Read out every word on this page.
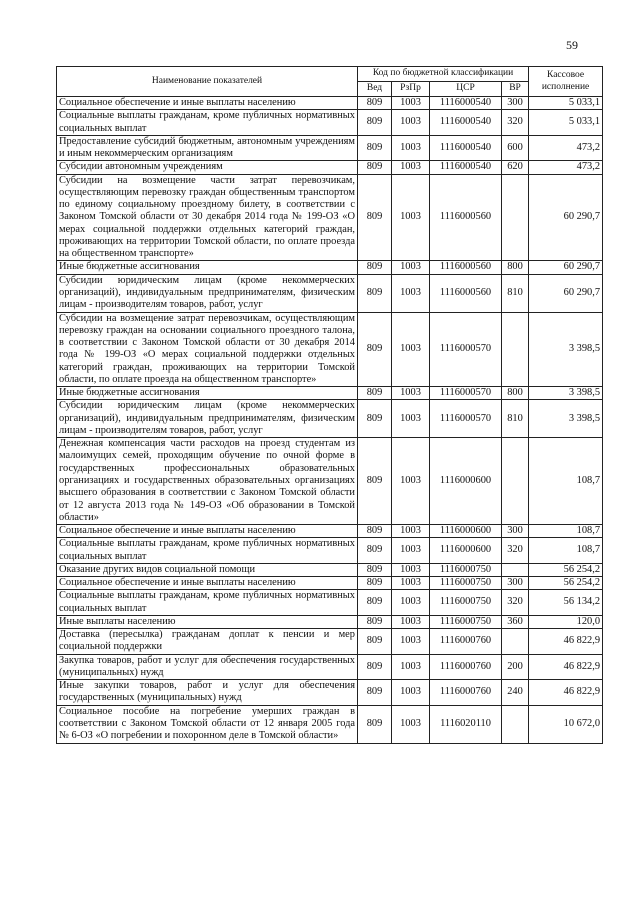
59
Наименование показателей	Код по бюджетной классификации				Кассовое исполнение
	Вед	РзПр	ЦСР	ВР	
Социальное обеспечение и иные выплаты населению	809	1003	1116000540	300	5 033,1
Социальные выплаты гражданам, кроме публичных нормативных социальных выплат	809	1003	1116000540	320	5 033,1
Предоставление субсидий бюджетным, автономным учреждениям и иным некоммерческим организациям	809	1003	1116000540	600	473,2
Субсидии автономным учреждениям	809	1003	1116000540	620	473,2
Субсидии на возмещение части затрат перевозчикам, осуществляющим перевозку граждан общественным транспортом по единому социальному проездному билету, в соответствии с Законом Томской области от 30 декабря 2014 года № 199-ОЗ «О мерах социальной поддержки отдельных категорий граждан, проживающих на территории Томской области, по оплате проезда на общественном транспорте»	809	1003	1116000560		60 290,7
Иные бюджетные ассигнования	809	1003	1116000560	800	60 290,7
Субсидии юридическим лицам (кроме некоммерческих организаций), индивидуальным предпринимателям, физическим лицам - производителям товаров, работ, услуг	809	1003	1116000560	810	60 290,7
Субсидии на возмещение затрат перевозчикам, осуществляющим перевозку граждан на основании социального проездного талона, в соответствии с Законом Томской области от 30 декабря 2014 года № 199-ОЗ «О мерах социальной поддержки отдельных категорий граждан, проживающих на территории Томской области, по оплате проезда на общественном транспорте»	809	1003	1116000570		3 398,5
Иные бюджетные ассигнования	809	1003	1116000570	800	3 398,5
Субсидии юридическим лицам (кроме некоммерческих организаций), индивидуальным предпринимателям, физическим лицам - производителям товаров, работ, услуг	809	1003	1116000570	810	3 398,5
Денежная компенсация части расходов на проезд студентам из малоимущих семей, проходящим обучение по очной форме в государственных профессиональных образовательных организациях и государственных образовательных организациях высшего образования в соответствии с Законом Томской области от 12 августа 2013 года № 149-ОЗ «Об образовании в Томской области»	809	1003	1116000600		108,7
Социальное обеспечение и иные выплаты населению	809	1003	1116000600	300	108,7
Социальные выплаты гражданам, кроме публичных нормативных социальных выплат	809	1003	1116000600	320	108,7
Оказание других видов социальной помощи	809	1003	1116000750		56 254,2
Социальное обеспечение и иные выплаты населению	809	1003	1116000750	300	56 254,2
Социальные выплаты гражданам, кроме публичных нормативных социальных выплат	809	1003	1116000750	320	56 134,2
Иные выплаты населению	809	1003	1116000750	360	120,0
Доставка (пересылка) гражданам доплат к пенсии и мер социальной поддержки	809	1003	1116000760		46 822,9
Закупка товаров, работ и услуг для обеспечения государственных (муниципальных) нужд	809	1003	1116000760	200	46 822,9
Иные закупки товаров, работ и услуг для обеспечения государственных (муниципальных) нужд	809	1003	1116000760	240	46 822,9
Социальное пособие на погребение умерших граждан в соответствии с Законом Томской области от 12 января 2005 года № 6-ОЗ «О погребении и похоронном деле в Томской области»	809	1003	1116020110		10 672,0
